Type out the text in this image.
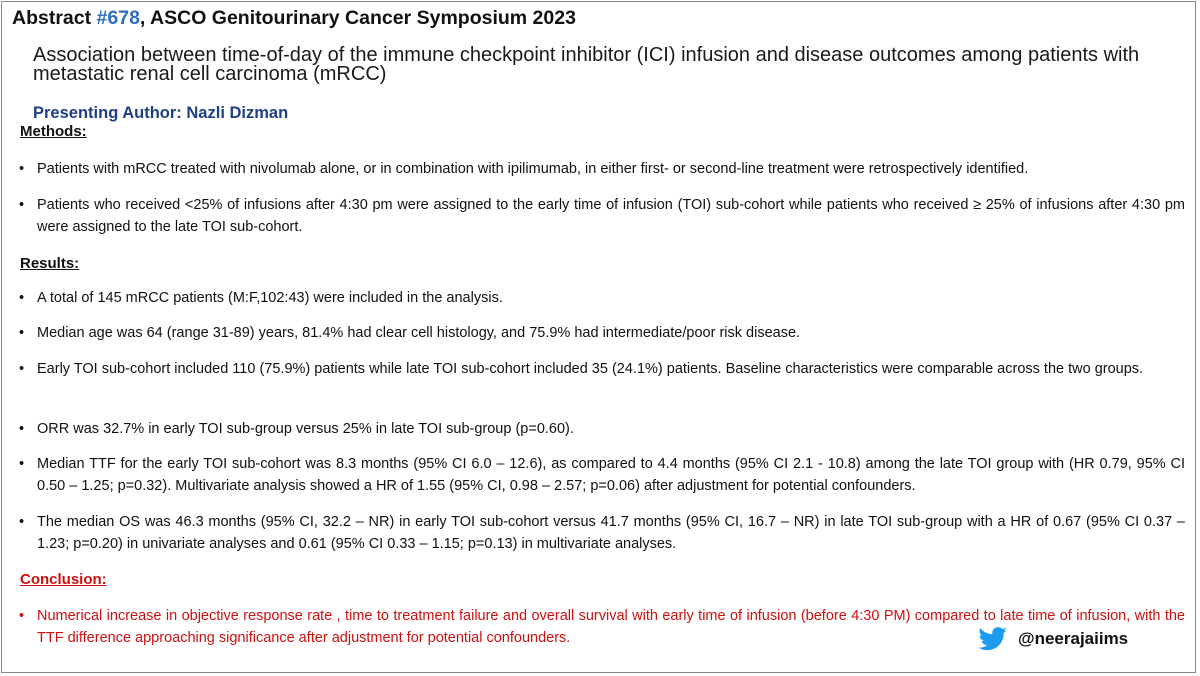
Abstract #678, ASCO Genitourinary Cancer Symposium 2023
Association between time-of-day of the immune checkpoint inhibitor (ICI) infusion and disease outcomes among patients with metastatic renal cell carcinoma (mRCC)
Presenting Author: Nazli Dizman
Methods:
• Patients with mRCC treated with nivolumab alone, or in combination with ipilimumab, in either first- or second-line treatment were retrospectively identified.
• Patients who received <25% of infusions after 4:30 pm were assigned to the early time of infusion (TOI) sub-cohort while patients who received ≥ 25% of infusions after 4:30 pm were assigned to the late TOI sub-cohort.
Results:
• A total of 145 mRCC patients (M:F,102:43) were included in the analysis.
• Median age was 64 (range 31-89) years, 81.4% had clear cell histology, and 75.9% had intermediate/poor risk disease.
• Early TOI sub-cohort included 110 (75.9%) patients while late TOI sub-cohort included 35 (24.1%) patients. Baseline characteristics were comparable across the two groups.
• ORR was 32.7% in early TOI sub-group versus 25% in late TOI sub-group (p=0.60).
• Median TTF for the early TOI sub-cohort was 8.3 months (95% CI 6.0 – 12.6), as compared to 4.4 months (95% CI 2.1 - 10.8) among the late TOI group with (HR 0.79, 95% CI 0.50 – 1.25; p=0.32). Multivariate analysis showed a HR of 1.55 (95% CI, 0.98 – 2.57; p=0.06) after adjustment for potential confounders.
• The median OS was 46.3 months (95% CI, 32.2 – NR) in early TOI sub-cohort versus 41.7 months (95% CI, 16.7 – NR) in late TOI sub-group with a HR of 0.67 (95% CI 0.37 – 1.23; p=0.20) in univariate analyses and 0.61 (95% CI 0.33 – 1.15; p=0.13) in multivariate analyses.
Conclusion:
• Numerical increase in objective response rate , time to treatment failure and overall survival with early time of infusion (before 4:30 PM) compared to late time of infusion, with the TTF difference approaching significance after adjustment for potential confounders.	@neerajaiims
